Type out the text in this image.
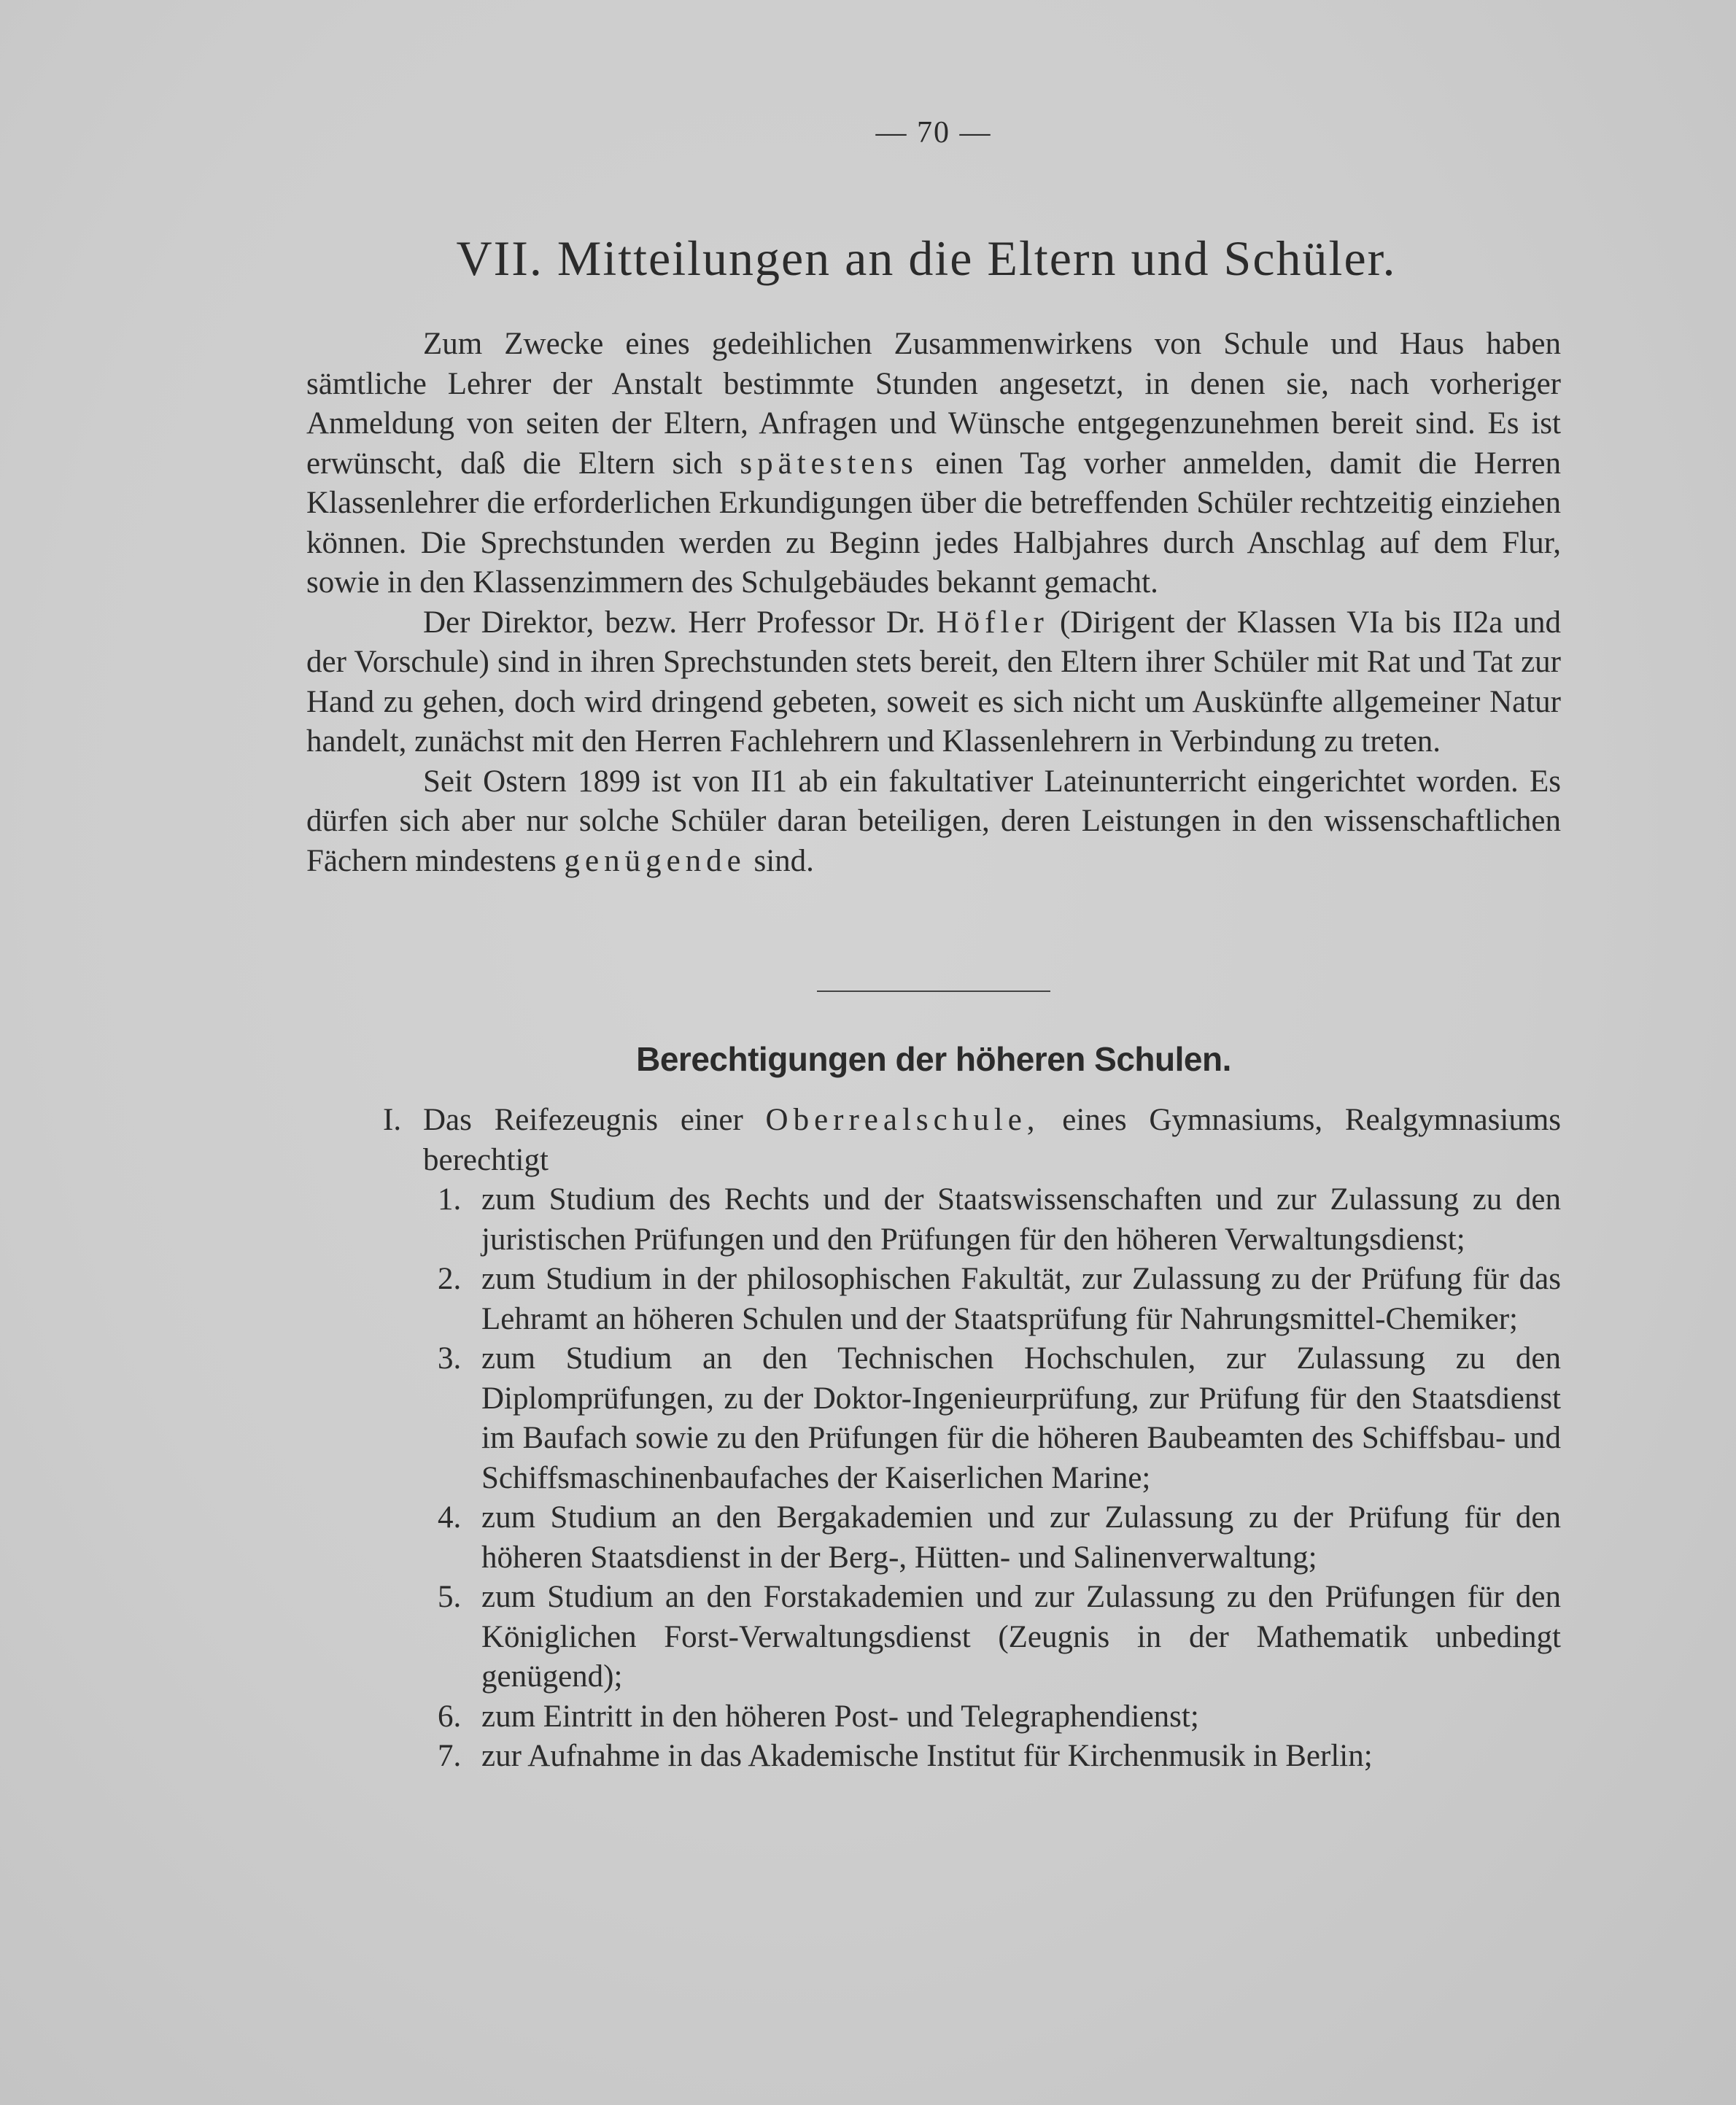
— 70 —
VII. Mitteilungen an die Eltern und Schüler.

Zum Zwecke eines gedeihlichen Zusammenwirkens von Schule und Haus haben sämtliche Lehrer der Anstalt bestimmte Stunden angesetzt, in denen sie, nach vorheriger Anmeldung von seiten der Eltern, Anfragen und Wünsche entgegenzunehmen bereit sind. Es ist erwünscht, daß die Eltern sich spätestens einen Tag vorher anmelden, damit die Herren Klassenlehrer die erforderlichen Erkundigungen über die betreffenden Schüler rechtzeitig einziehen können. Die Sprechstunden werden zu Beginn jedes Halbjahres durch Anschlag auf dem Flur, sowie in den Klassenzimmern des Schulgebäudes bekannt gemacht.

Der Direktor, bezw. Herr Professor Dr. Höfler (Dirigent der Klassen VIa bis II2a und der Vorschule) sind in ihren Sprechstunden stets bereit, den Eltern ihrer Schüler mit Rat und Tat zur Hand zu gehen, doch wird dringend gebeten, soweit es sich nicht um Auskünfte allgemeiner Natur handelt, zunächst mit den Herren Fachlehrern und Klassenlehrern in Verbindung zu treten.

Seit Ostern 1899 ist von II1 ab ein fakultativer Lateinunterricht eingerichtet worden. Es dürfen sich aber nur solche Schüler daran beteiligen, deren Leistungen in den wissenschaftlichen Fächern mindestens genügende sind.

Berechtigungen der höheren Schulen.
I. Das Reifezeugnis einer Oberrealschule, eines Gymnasiums, Realgymnasiums berechtigt
1. zum Studium des Rechts und der Staatswissenschaften und zur Zulassung zu den juristischen Prüfungen und den Prüfungen für den höheren Verwaltungsdienst;
2. zum Studium in der philosophischen Fakultät, zur Zulassung zu der Prüfung für das Lehramt an höheren Schulen und der Staatsprüfung für Nahrungsmittel-Chemiker;
3. zum Studium an den Technischen Hochschulen, zur Zulassung zu den Diplomprüfungen, zu der Doktor-Ingenieurprüfung, zur Prüfung für den Staatsdienst im Baufach sowie zu den Prüfungen für die höheren Baubeamten des Schiffsbau- und Schiffsmaschinenbaufaches der Kaiserlichen Marine;
4. zum Studium an den Bergakademien und zur Zulassung zu der Prüfung für den höheren Staatsdienst in der Berg-, Hütten- und Salinenverwaltung;
5. zum Studium an den Forstakademien und zur Zulassung zu den Prüfungen für den Königlichen Forst-Verwaltungsdienst (Zeugnis in der Mathematik unbedingt genügend);
6. zum Eintritt in den höheren Post- und Telegraphendienst;
7. zur Aufnahme in das Akademische Institut für Kirchenmusik in Berlin;
